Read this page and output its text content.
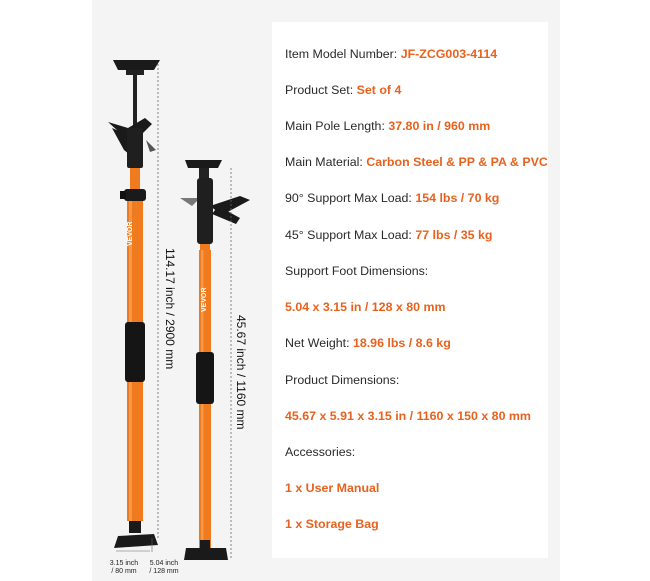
VEVOR
VEVOR
114.17 inch / 2900 mm
45.67 inch / 1160 mm
3.15 inch
/ 80 mm
5.04 inch
/ 128 mm
Item Model Number: JF-ZCG003-4114
Product Set: Set of 4
Main Pole Length: 37.80 in / 960 mm
Main Material: Carbon Steel & PP & PA & PVC
90° Support Max Load: 154 lbs / 70 kg
45° Support Max Load: 77 lbs / 35 kg
Support Foot Dimensions:
5.04 x 3.15 in / 128 x 80 mm
Net Weight: 18.96 lbs / 8.6 kg
Product Dimensions:
45.67 x 5.91 x 3.15 in / 1160 x 150 x 80 mm
Accessories:
1 x User Manual
1 x Storage Bag
